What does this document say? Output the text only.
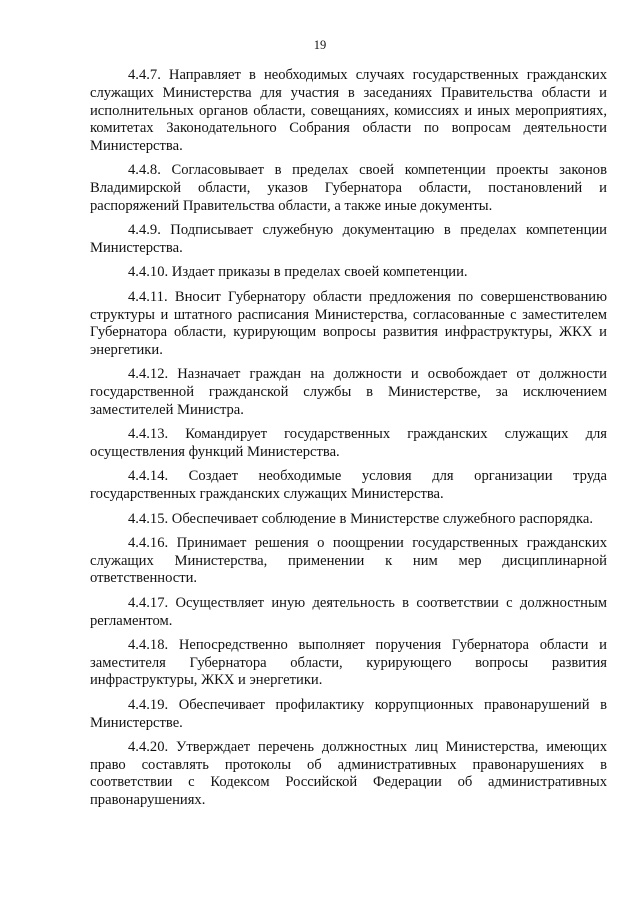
19

4.4.7. Направляет в необходимых случаях государственных гражданских служащих Министерства для участия в заседаниях Правительства области и исполнительных органов области, совещаниях, комиссиях и иных мероприятиях, комитетах Законодательного Собрания области по вопросам деятельности Министерства.

4.4.8. Согласовывает в пределах своей компетенции проекты законов Владимирской области, указов Губернатора области, постановлений и распоряжений Правительства области, а также иные документы.

4.4.9. Подписывает служебную документацию в пределах компетенции Министерства.

4.4.10. Издает приказы в пределах своей компетенции.

4.4.11. Вносит Губернатору области предложения по совершенствованию структуры и штатного расписания Министерства, согласованные с заместителем Губернатора области, курирующим вопросы развития инфраструктуры, ЖКХ и энергетики.

4.4.12. Назначает граждан на должности и освобождает от должности государственной гражданской службы в Министерстве, за исключением заместителей Министра.

4.4.13. Командирует государственных гражданских служащих для осуществления функций Министерства.

4.4.14. Создает необходимые условия для организации труда государственных гражданских служащих Министерства.

4.4.15. Обеспечивает соблюдение в Министерстве служебного распорядка.

4.4.16. Принимает решения о поощрении государственных гражданских служащих Министерства, применении к ним мер дисциплинарной ответственности.

4.4.17. Осуществляет иную деятельность в соответствии с должностным регламентом.

4.4.18. Непосредственно выполняет поручения Губернатора области и заместителя Губернатора области, курирующего вопросы развития инфраструктуры, ЖКХ и энергетики.

4.4.19. Обеспечивает профилактику коррупционных правонарушений в Министерстве.

4.4.20. Утверждает перечень должностных лиц Министерства, имеющих право составлять протоколы об административных правонарушениях в соответствии с Кодексом Российской Федерации об административных правонарушениях.
